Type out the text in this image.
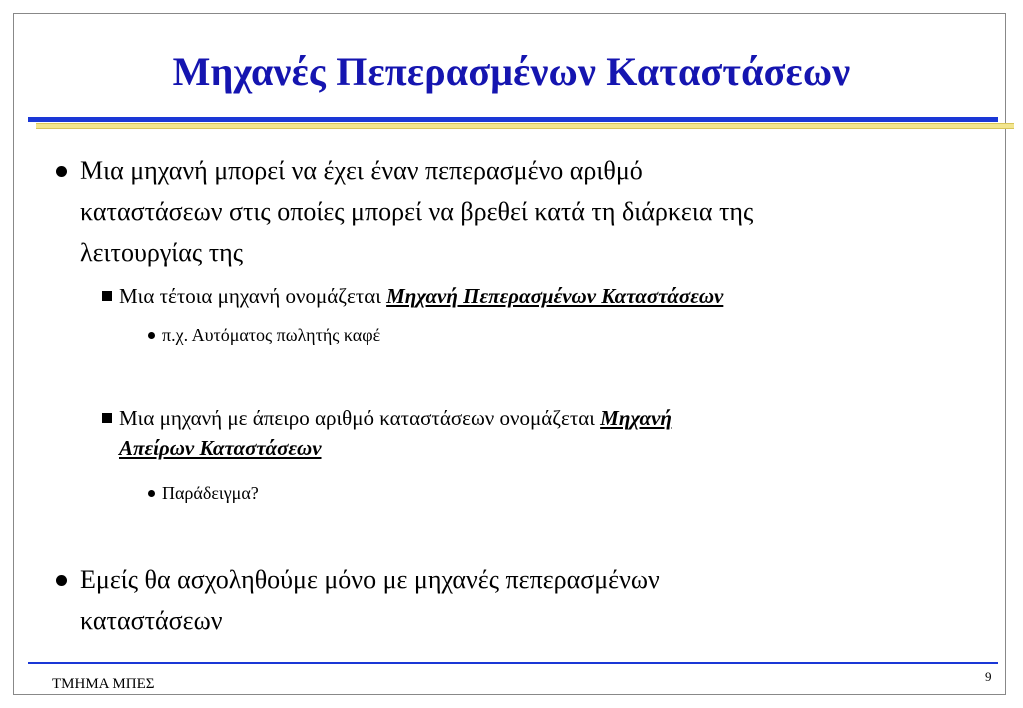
Μηχανές Πεπερασμένων Καταστάσεων
Μια μηχανή μπορεί να έχει έναν πεπερασμένο αριθμό
καταστάσεων στις οποίες μπορεί να βρεθεί κατά τη διάρκεια της
λειτουργίας της
Μια τέτοια μηχανή ονομάζεται Μηχανή Πεπερασμένων Καταστάσεων
π.χ. Αυτόματος πωλητής καφέ
Μια μηχανή με άπειρο αριθμό καταστάσεων ονομάζεται Μηχανή
Απείρων Καταστάσεων
Παράδειγμα?
Εμείς θα ασχοληθούμε μόνο με μηχανές πεπερασμένων
καταστάσεων
ΤΜΗΜΑ ΜΠΕΣ	9
